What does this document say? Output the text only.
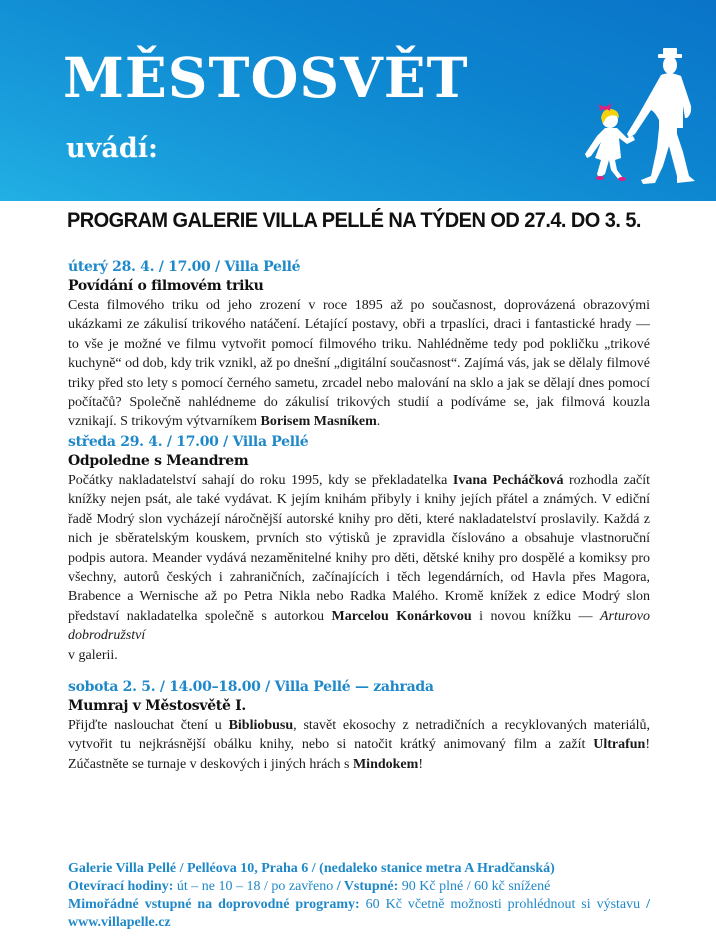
MĚSTOSVĚT
uvádí:
PROGRAM GALERIE VILLA PELLÉ NA TÝDEN OD 27.4. DO 3. 5.
úterý 28. 4. / 17.00 / Villa Pellé
Povídání o filmovém triku

Cesta filmového triku od jeho zrození v roce 1895 až po současnost, doprovázená obrazovými ukázkami ze zákulisí trikového natáčení. Létající postavy, obři a trpaslíci, draci i fantastické hrady — to vše je možné ve filmu vytvořit pomocí filmového triku. Nahlédněme tedy pod pokličku „trikové kuchyně“ od dob, kdy trik vznikl, až po dnešní „digitální současnost“. Zajímá vás, jak se dělaly filmové triky před sto lety s pomocí černého sametu, zrcadel nebo malování na sklo a jak se dělají dnes pomocí počítačů? Společně nahlédneme do zákulisí trikových studií a podíváme se, jak filmová kouzla vznikají. S trikovým výtvarníkem Borisem Masníkem.

středa 29. 4. / 17.00 / Villa Pellé
Odpoledne s Meandrem

Počátky nakladatelství sahají do roku 1995, kdy se překladatelka Ivana Pecháčková rozhodla začít knížky nejen psát, ale také vydávat. K jejím knihám přibyly i knihy jejích přátel a známých. V ediční řadě Modrý slon vycházejí náročnější autorské knihy pro děti, které nakladatelství proslavily. Každá z nich je sběratelským kouskem, prvních sto výtisků je zpravidla číslováno a obsahuje vlastnoruční podpis autora. Meander vydává nezaměnitelné knihy pro děti, dětské knihy pro dospělé a komiksy pro všechny, autorů českých i zahraničních, začínajících i těch legendárních, od Havla přes Magora, Brabence a Wernische až po Petra Nikla nebo Radka Malého. Kromě knížek z edice Modrý slon představí nakladatelka společně s autorkou Marcelou Konárkovou i novou knížku — Arturovo dobrodružství
v galerii.

sobota 2. 5. / 14.00–18.00 / Villa Pellé — zahrada
Mumraj v Městosvětě I.

Přijďte naslouchat čtení u Bibliobusu, stavět ekosochy z netradičních a recyklovaných materiálů, vytvořit tu nejkrásnější obálku knihy, nebo si natočit krátký animovaný film a zažít Ultrafun! Zúčastněte se turnaje v deskových i jiných hrách s Mindokem!

Galerie Villa Pellé / Pelléova 10, Praha 6 / (nedaleko stanice metra A Hradčanská)
Otevírací hodiny: út – ne 10 – 18 / po zavřeno / Vstupné: 90 Kč plné / 60 kč snížené
Mimořádné vstupné na doprovodné programy: 60 Kč včetně možnosti prohlédnout si výstavu / www.villapelle.cz
